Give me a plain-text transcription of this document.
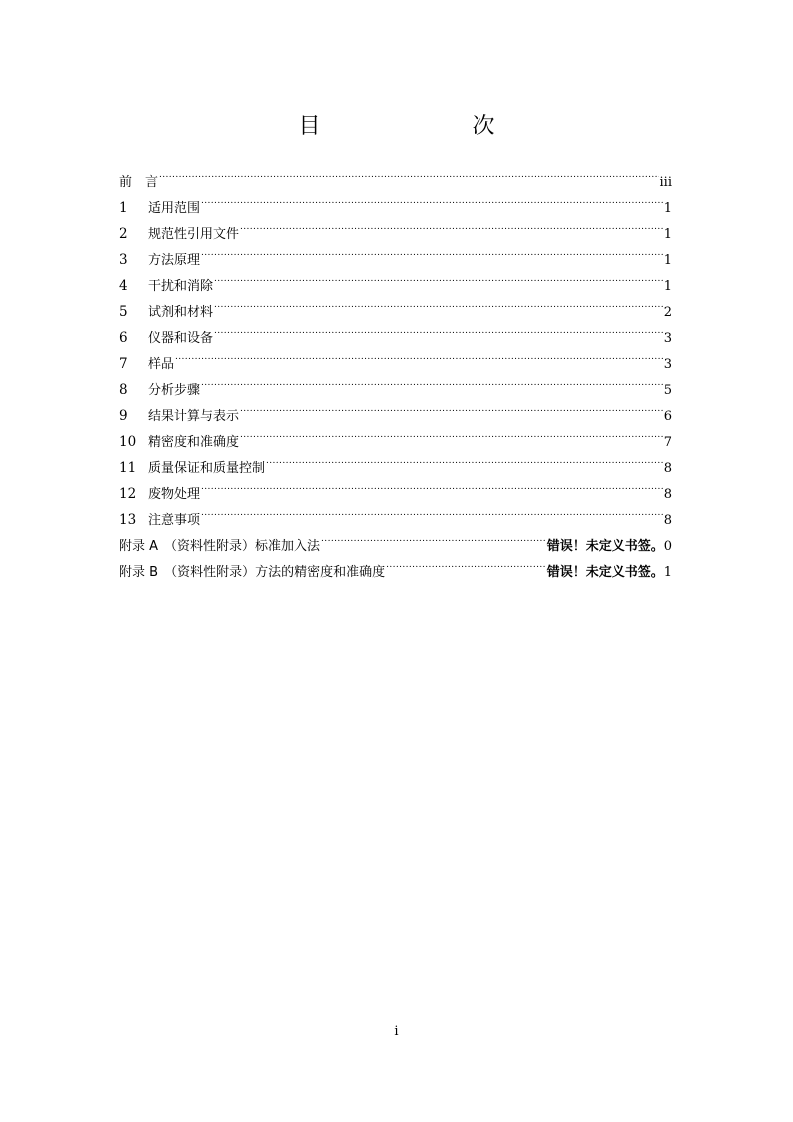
目　　次
前　言 .....	iii
1	适用范围 .....	1
2	规范性引用文件 .....	1
3	方法原理 .....	1
4	干扰和消除 .....	1
5	试剂和材料 .....	2
6	仪器和设备 .....	3
7	样品 .....	3
8	分析步骤 .....	5
9	结果计算与表示 .....	6
10 精密度和准确度 .....	7
11 质量保证和质量控制 .....	8
12 废物处理 .....	8
13 注意事项 .....	8
附录 A （资料性附录）标准加入法 .....	错误！未定义书签。 0
附录 B （资料性附录）方法的精密度和准确度 .....	错误！未定义书签。 1
i
